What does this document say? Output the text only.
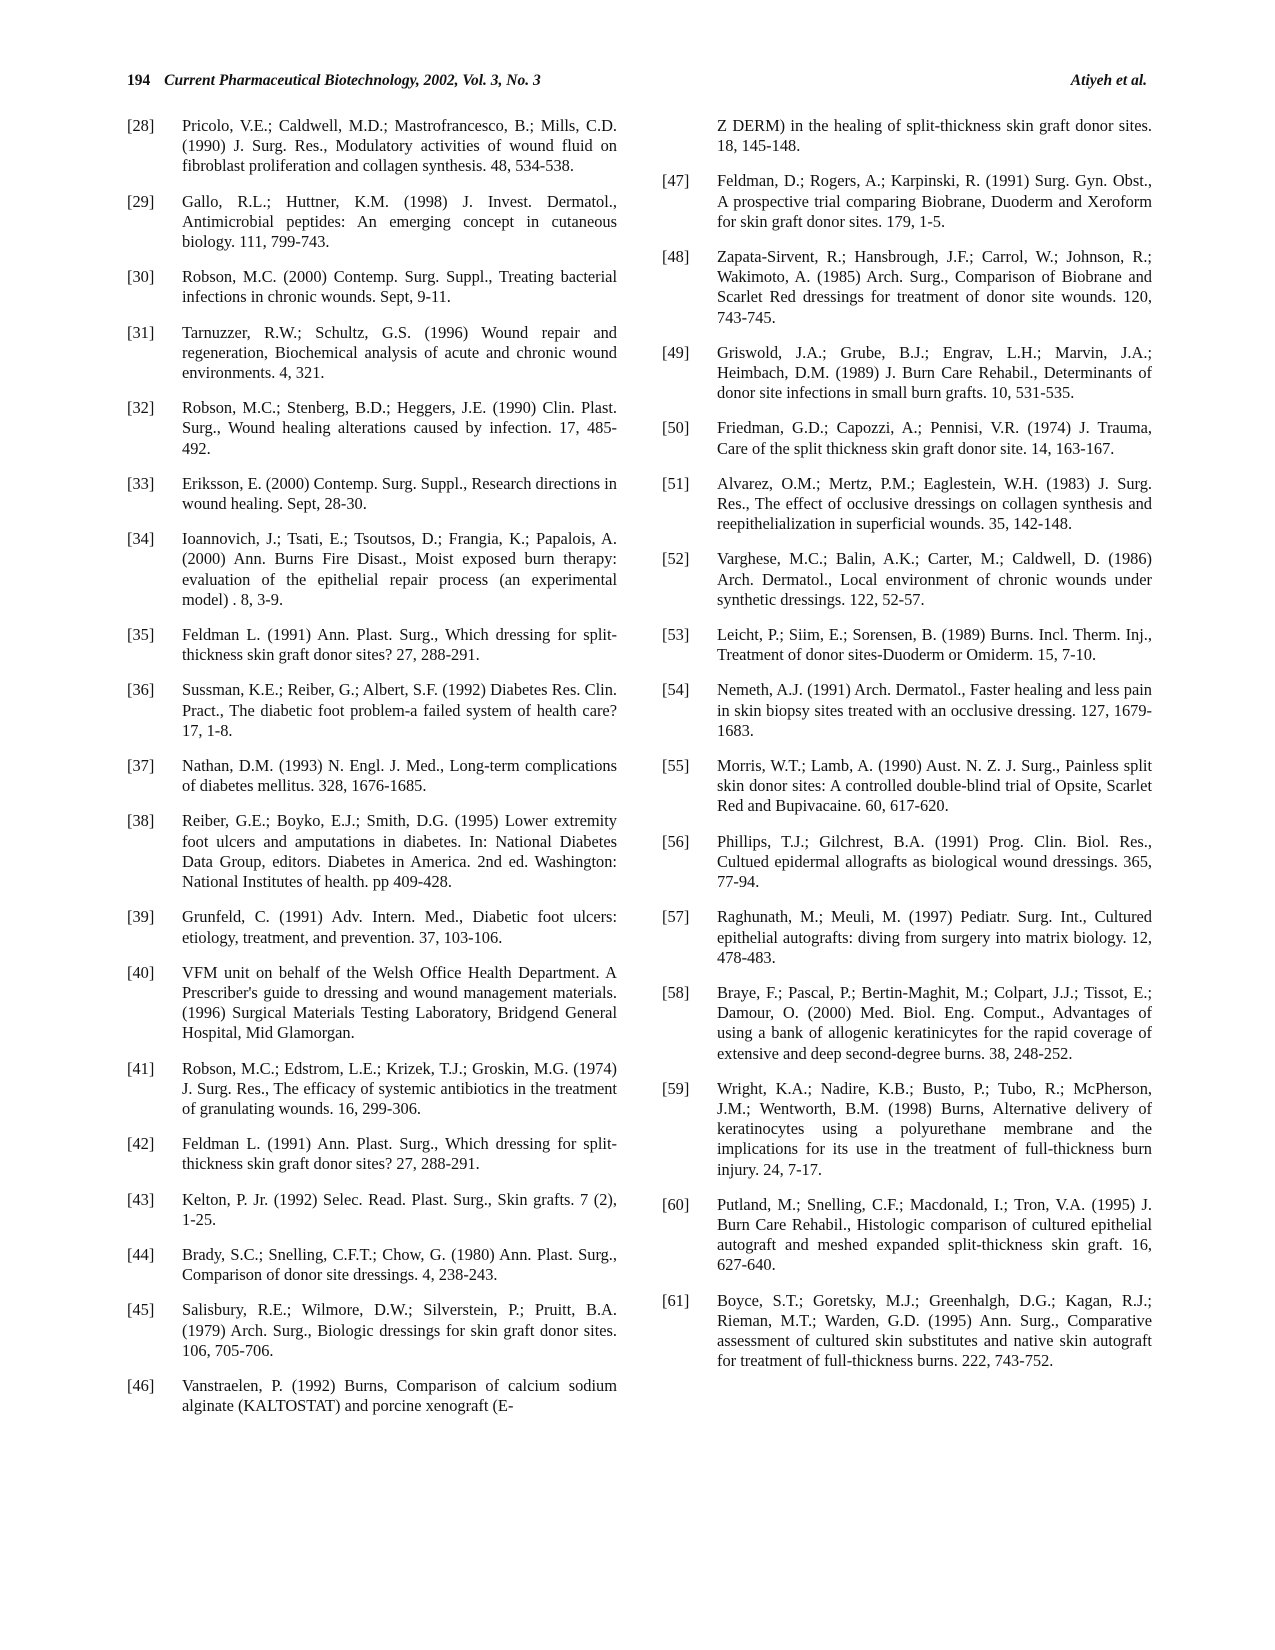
194 Current Pharmaceutical Biotechnology, 2002, Vol. 3, No. 3	Atiyeh et al.
[28]	Pricolo, V.E.; Caldwell, M.D.; Mastrofrancesco, B.; Mills, C.D. (1990) J. Surg. Res., Modulatory activities of wound fluid on fibroblast proliferation and collagen synthesis. 48, 534-538.
[29]	Gallo, R.L.; Huttner, K.M. (1998) J. Invest. Dermatol., Antimicrobial peptides: An emerging concept in cutaneous biology. 111, 799-743.
[30]	Robson, M.C. (2000) Contemp. Surg. Suppl., Treating bacterial infections in chronic wounds. Sept, 9-11.
[31]	Tarnuzzer, R.W.; Schultz, G.S. (1996) Wound repair and regeneration, Biochemical analysis of acute and chronic wound environments. 4, 321.
[32]	Robson, M.C.; Stenberg, B.D.; Heggers, J.E. (1990) Clin. Plast. Surg., Wound healing alterations caused by infection. 17, 485-492.
[33]	Eriksson, E. (2000) Contemp. Surg. Suppl., Research directions in wound healing. Sept, 28-30.
[34]	Ioannovich, J.; Tsati, E.; Tsoutsos, D.; Frangia, K.; Papalois, A. (2000) Ann. Burns Fire Disast., Moist exposed burn therapy: evaluation of the epithelial repair process (an experimental model) . 8, 3-9.
[35]	Feldman L. (1991) Ann. Plast. Surg., Which dressing for split-thickness skin graft donor sites? 27, 288-291.
[36]	Sussman, K.E.; Reiber, G.; Albert, S.F. (1992) Diabetes Res. Clin. Pract., The diabetic foot problem-a failed system of health care? 17, 1-8.
[37]	Nathan, D.M. (1993) N. Engl. J. Med., Long-term complications of diabetes mellitus. 328, 1676-1685.
[38]	Reiber, G.E.; Boyko, E.J.; Smith, D.G. (1995) Lower extremity foot ulcers and amputations in diabetes. In: National Diabetes Data Group, editors. Diabetes in America. 2nd ed. Washington: National Institutes of health. pp 409-428.
[39]	Grunfeld, C. (1991) Adv. Intern. Med., Diabetic foot ulcers: etiology, treatment, and prevention. 37, 103-106.
[40]	VFM unit on behalf of the Welsh Office Health Department. A Prescriber's guide to dressing and wound management materials. (1996) Surgical Materials Testing Laboratory, Bridgend General Hospital, Mid Glamorgan.
[41]	Robson, M.C.; Edstrom, L.E.; Krizek, T.J.; Groskin, M.G. (1974) J. Surg. Res., The efficacy of systemic antibiotics in the treatment of granulating wounds. 16, 299-306.
[42]	Feldman L. (1991) Ann. Plast. Surg., Which dressing for split-thickness skin graft donor sites? 27, 288-291.
[43]	Kelton, P. Jr. (1992) Selec. Read. Plast. Surg., Skin grafts. 7 (2), 1-25.
[44]	Brady, S.C.; Snelling, C.F.T.; Chow, G. (1980) Ann. Plast. Surg., Comparison of donor site dressings. 4, 238-243.
[45]	Salisbury, R.E.; Wilmore, D.W.; Silverstein, P.; Pruitt, B.A. (1979) Arch. Surg., Biologic dressings for skin graft donor sites. 106, 705-706.
[46]	Vanstraelen, P. (1992) Burns, Comparison of calcium sodium alginate (KALTOSTAT) and porcine xenograft (E-
Z DERM) in the healing of split-thickness skin graft donor sites. 18, 145-148.
[47]	Feldman, D.; Rogers, A.; Karpinski, R. (1991) Surg. Gyn. Obst., A prospective trial comparing Biobrane, Duoderm and Xeroform for skin graft donor sites. 179, 1-5.
[48]	Zapata-Sirvent, R.; Hansbrough, J.F.; Carrol, W.; Johnson, R.; Wakimoto, A. (1985) Arch. Surg., Comparison of Biobrane and Scarlet Red dressings for treatment of donor site wounds. 120, 743-745.
[49]	Griswold, J.A.; Grube, B.J.; Engrav, L.H.; Marvin, J.A.; Heimbach, D.M. (1989) J. Burn Care Rehabil., Determinants of donor site infections in small burn grafts. 10, 531-535.
[50]	Friedman, G.D.; Capozzi, A.; Pennisi, V.R. (1974) J. Trauma, Care of the split thickness skin graft donor site. 14, 163-167.
[51]	Alvarez, O.M.; Mertz, P.M.; Eaglestein, W.H. (1983) J. Surg. Res., The effect of occlusive dressings on collagen synthesis and reepithelialization in superficial wounds. 35, 142-148.
[52]	Varghese, M.C.; Balin, A.K.; Carter, M.; Caldwell, D. (1986) Arch. Dermatol., Local environment of chronic wounds under synthetic dressings. 122, 52-57.
[53]	Leicht, P.; Siim, E.; Sorensen, B. (1989) Burns. Incl. Therm. Inj., Treatment of donor sites-Duoderm or Omiderm. 15, 7-10.
[54]	Nemeth, A.J. (1991) Arch. Dermatol., Faster healing and less pain in skin biopsy sites treated with an occlusive dressing. 127, 1679-1683.
[55]	Morris, W.T.; Lamb, A. (1990) Aust. N. Z. J. Surg., Painless split skin donor sites: A controlled double-blind trial of Opsite, Scarlet Red and Bupivacaine. 60, 617-620.
[56]	Phillips, T.J.; Gilchrest, B.A. (1991) Prog. Clin. Biol. Res., Cultued epidermal allografts as biological wound dressings. 365, 77-94.
[57]	Raghunath, M.; Meuli, M. (1997) Pediatr. Surg. Int., Cultured epithelial autografts: diving from surgery into matrix biology. 12, 478-483.
[58]	Braye, F.; Pascal, P.; Bertin-Maghit, M.; Colpart, J.J.; Tissot, E.; Damour, O. (2000) Med. Biol. Eng. Comput., Advantages of using a bank of allogenic keratinicytes for the rapid coverage of extensive and deep second-degree burns. 38, 248-252.
[59]	Wright, K.A.; Nadire, K.B.; Busto, P.; Tubo, R.; McPherson, J.M.; Wentworth, B.M. (1998) Burns, Alternative delivery of keratinocytes using a polyurethane membrane and the implications for its use in the treatment of full-thickness burn injury. 24, 7-17.
[60]	Putland, M.; Snelling, C.F.; Macdonald, I.; Tron, V.A. (1995) J. Burn Care Rehabil., Histologic comparison of cultured epithelial autograft and meshed expanded split-thickness skin graft. 16, 627-640.
[61]	Boyce, S.T.; Goretsky, M.J.; Greenhalgh, D.G.; Kagan, R.J.; Rieman, M.T.; Warden, G.D. (1995) Ann. Surg., Comparative assessment of cultured skin substitutes and native skin autograft for treatment of full-thickness burns. 222, 743-752.
